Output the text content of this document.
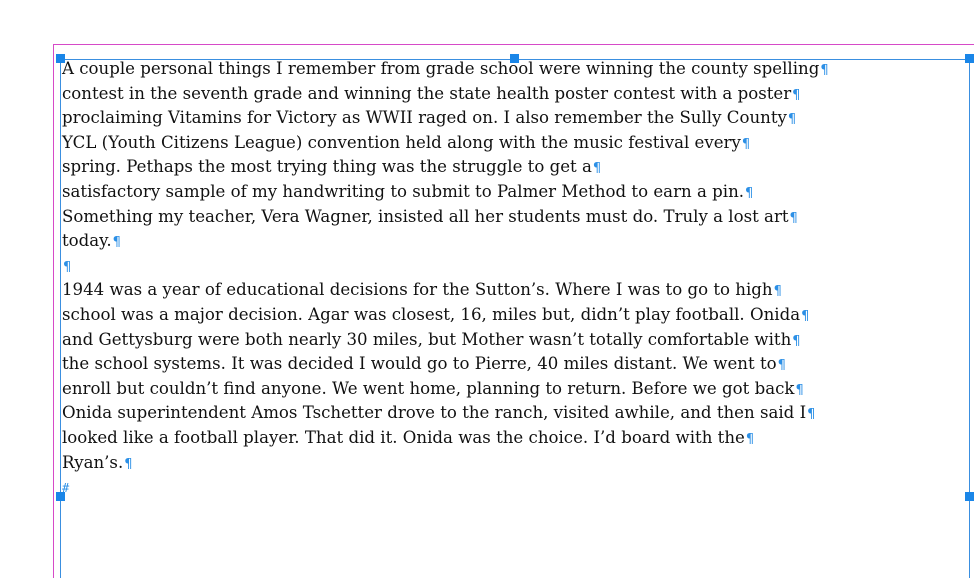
A couple personal things I remember from grade school were winning the county spelling¶
contest in the seventh grade and winning the state health poster contest with a poster¶
proclaiming Vitamins for Victory as WWII raged on. I also remember the Sully County¶
YCL (Youth Citizens League) convention held along with the music festival every¶
spring. Pethaps the most trying thing was the struggle to get a¶
satisfactory sample of my handwriting to submit to Palmer Method to earn a pin.¶
Something my teacher, Vera Wagner, insisted all her students must do. Truly a lost art¶
today.¶
¶
1944 was a year of educational decisions for the Sutton’s. Where I was to go to high¶
school was a major decision. Agar was closest, 16, miles but, didn’t play football. Onida¶
and Gettysburg were both nearly 30 miles, but Mother wasn’t totally comfortable with¶
the school systems. It was decided I would go to Pierre, 40 miles distant. We went to¶
enroll but couldn’t find anyone. We went home, planning to return. Before we got back¶
Onida superintendent Amos Tschetter drove to the ranch, visited awhile, and then said I¶
looked like a football player. That did it. Onida was the choice. I’d board with the¶
Ryan’s.¶
#
